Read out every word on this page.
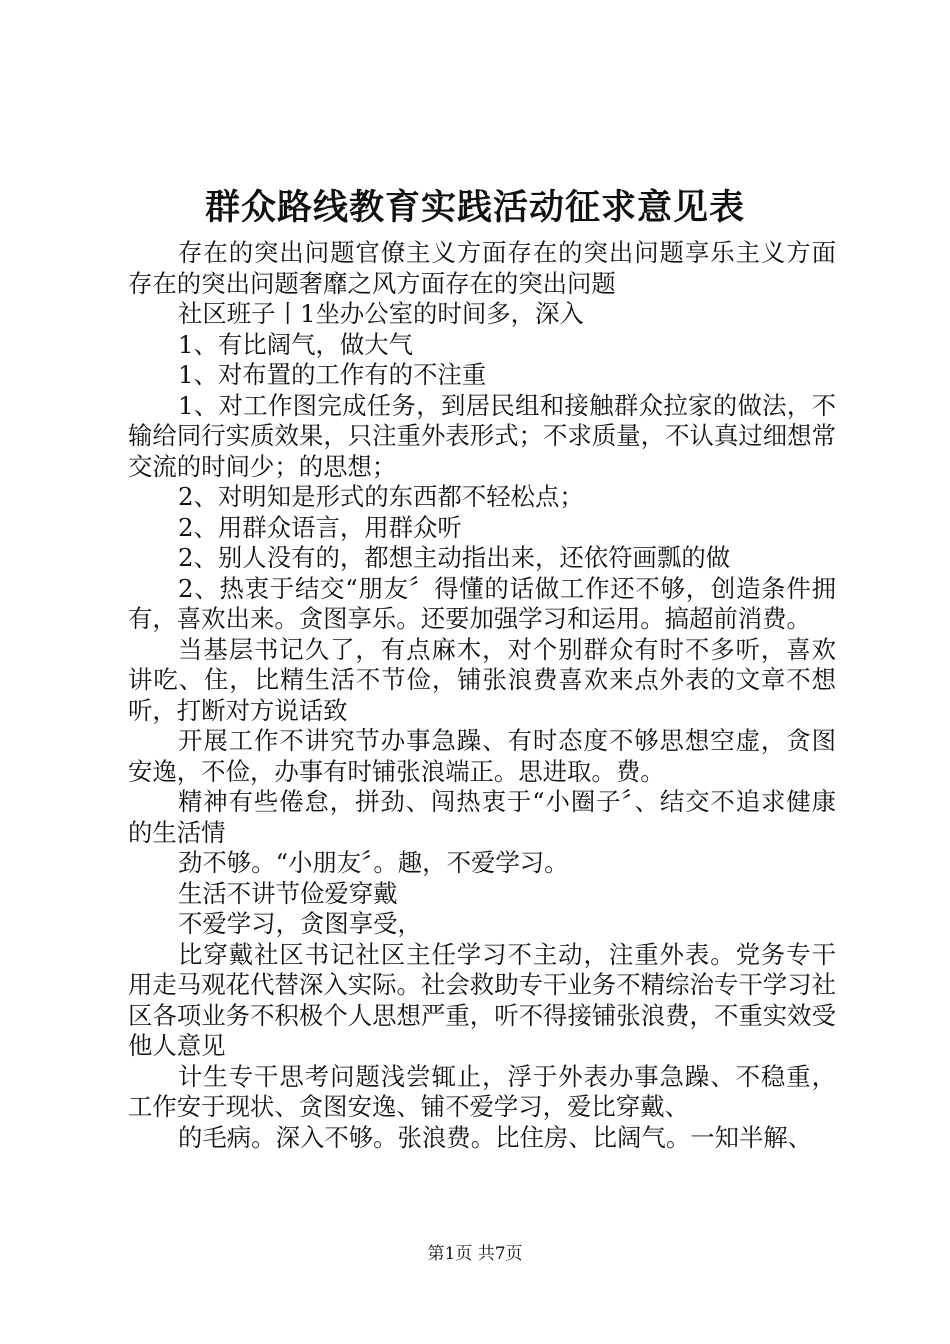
群众路线教育实践活动征求意见表

存在的突出问题官僚主义方面存在的突出问题享乐主义方面存在的突出问题奢靡之风方面存在的突出问题

社区班子丨1坐办公室的时间多，深入

1、有比阔气，做大气

1、对布置的工作有的不注重

1、对工作图完成任务，到居民组和接触群众拉家的做法，不输给同行实质效果，只注重外表形式；不求质量，不认真过细想常交流的时间少；的思想；

2、对明知是形式的东西都不轻松点；

2、用群众语言，用群众听

2、别人没有的，都想主动指出来，还依符画瓢的做

2、热衷于结交“朋友〞得懂的话做工作还不够，创造条件拥有，喜欢出来。贪图享乐。还要加强学习和运用。搞超前消费。

当基层书记久了，有点麻木，对个别群众有时不多听，喜欢讲吃、住，比精生活不节俭，铺张浪费喜欢来点外表的文章不想听，打断对方说话致

开展工作不讲究节办事急躁、有时态度不够思想空虚，贪图安逸，不俭，办事有时铺张浪端正。思进取。费。

精神有些倦怠，拼劲、闯热衷于“小圈子〞、结交不追求健康的生活情

劲不够。“小朋友〞。趣，不爱学习。

生活不讲节俭爱穿戴

不爱学习，贪图享受，

比穿戴社区书记社区主任学习不主动，注重外表。党务专干用走马观花代替深入实际。社会救助专干业务不精综治专干学习社区各项业务不积极个人思想严重，听不得接铺张浪费，不重实效受他人意见

计生专干思考问题浅尝辄止，浮于外表办事急躁、不稳重，工作安于现状、贪图安逸、铺不爱学习，爱比穿戴、

的毛病。深入不够。张浪费。比住房、比阔气。一知半解、

第1页 共7页
